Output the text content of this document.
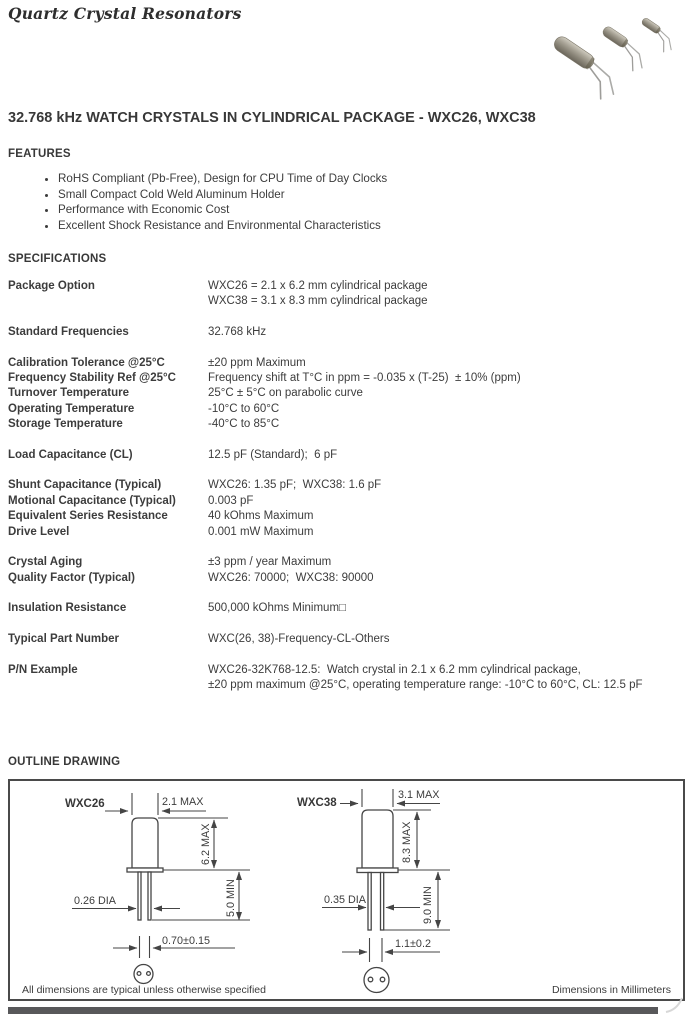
Quartz Crystal Resonators
32.768 kHz WATCH CRYSTALS IN CYLINDRICAL PACKAGE - WXC26, WXC38
FEATURES
• RoHS Compliant (Pb-Free), Design for CPU Time of Day Clocks
• Small Compact Cold Weld Aluminum Holder
• Performance with Economic Cost
• Excellent Shock Resistance and Environmental Characteristics
SPECIFICATIONS
Package Option	WXC26 = 2.1 x 6.2 mm cylindrical package
WXC38 = 3.1 x 8.3 mm cylindrical package
Standard Frequencies	32.768 kHz
Calibration Tolerance @25°C	±20 ppm Maximum
Frequency Stability Ref @25°C	Frequency shift at T°C in ppm = -0.035 x (T-25)  ± 10% (ppm)
Turnover Temperature	25°C ± 5°C on parabolic curve
Operating Temperature	-10°C to 60°C
Storage Temperature	-40°C to 85°C
Load Capacitance (CL)	12.5 pF (Standard);  6 pF
Shunt Capacitance (Typical)	WXC26: 1.35 pF;  WXC38: 1.6 pF
Motional Capacitance (Typical)	0.003 pF
Equivalent Series Resistance	40 kOhms Maximum
Drive Level	0.001 mW Maximum
Crystal Aging	±3 ppm / year Maximum
Quality Factor (Typical)	WXC26: 70000;  WXC38: 90000
Insulation Resistance	500,000 kOhms Minimum□
Typical Part Number	WXC(26, 38)-Frequency-CL-Others
P/N Example	WXC26-32K768-12.5:  Watch crystal in 2.1 x 6.2 mm cylindrical package,
±20 ppm maximum @25°C, operating temperature range: -10°C to 60°C, CL: 12.5 pF
OUTLINE DRAWING
WXC26	2.1 MAX
6.2 MAX
5.0 MIN
0.26 DIA
0.70±0.15
WXC38
3.1 MAX
8.3 MAX
9.0 MIN
0.35 DIA
1.1±0.2
All dimensions are typical unless otherwise specified	Dimensions in Millimeters
